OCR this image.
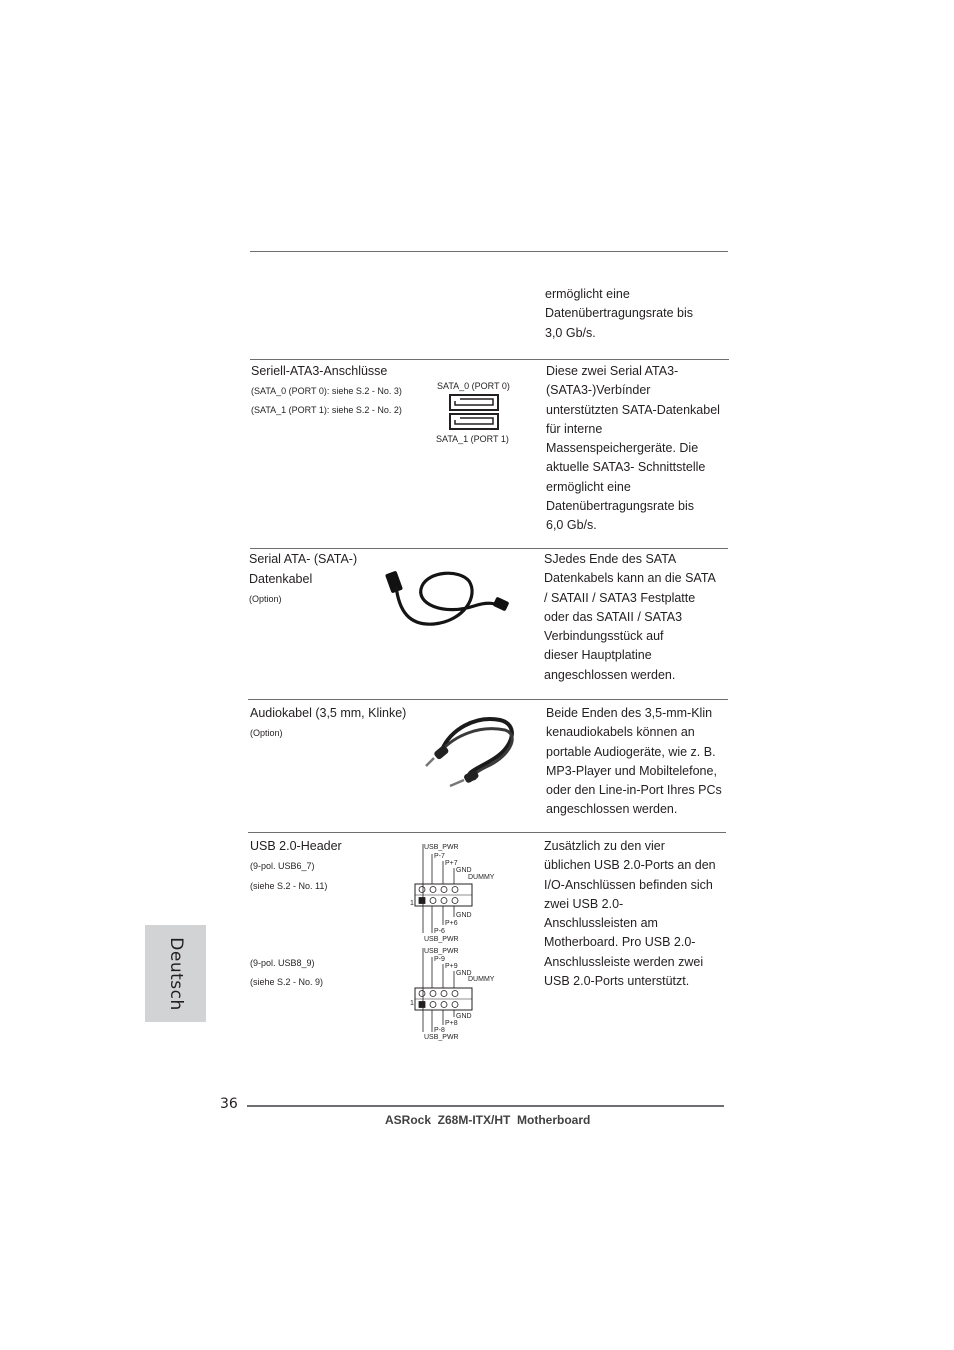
ermöglicht eine
Datenübertragungsrate bis
3,0 Gb/s.
Seriell-ATA3-Anschlüsse
(SATA_0 (PORT 0): siehe S.2 - No. 3)
(SATA_1 (PORT 1): siehe S.2 - No. 2)
SATA_0 (PORT 0)
SATA_1 (PORT 1)
Diese zwei Serial ATA3-
(SATA3-)Verbínder
unterstützten SATA-Datenkabel
für interne
Massenspeichergeräte. Die
aktuelle SATA3- Schnittstelle
ermöglicht eine
Datenübertragungsrate bis
6,0 Gb/s.
Serial ATA- (SATA-)
Datenkabel
(Option)
SJedes Ende des SATA
Datenkabels kann an die SATA
/ SATAII / SATA3 Festplatte
oder das SATAII / SATA3
Verbindungsstück auf
dieser Hauptplatine
angeschlossen werden.
Audiokabel (3,5 mm, Klinke)
(Option)
Beide Enden des 3,5-mm-Klin
kenaudiokabels können an
portable Audiogeräte, wie z. B.
MP3-Player und Mobiltelefone,
oder den Line-in-Port Ihres PCs
angeschlossen werden.
USB 2.0-Header
(9-pol. USB6_7)
(siehe S.2 - No. 11)
(9-pol. USB8_9)
(siehe S.2 - No. 9)
USB_PWR
P-7
P+7
GND
DUMMY
1
GND
P+6
P-6
USB_PWR
USB_PWR
P-9
P+9
GND
DUMMY
1
GND
P+8
P-8
USB_PWR
Zusätzlich zu den vier
üblichen USB 2.0-Ports an den
I/O-Anschlüssen befinden sich
zwei USB 2.0-
Anschlussleisten am
Motherboard. Pro USB 2.0-
Anschlussleiste werden zwei
USB 2.0-Ports unterstützt.
Deutsch
36
ASRock  Z68M-ITX/HT  Motherboard
